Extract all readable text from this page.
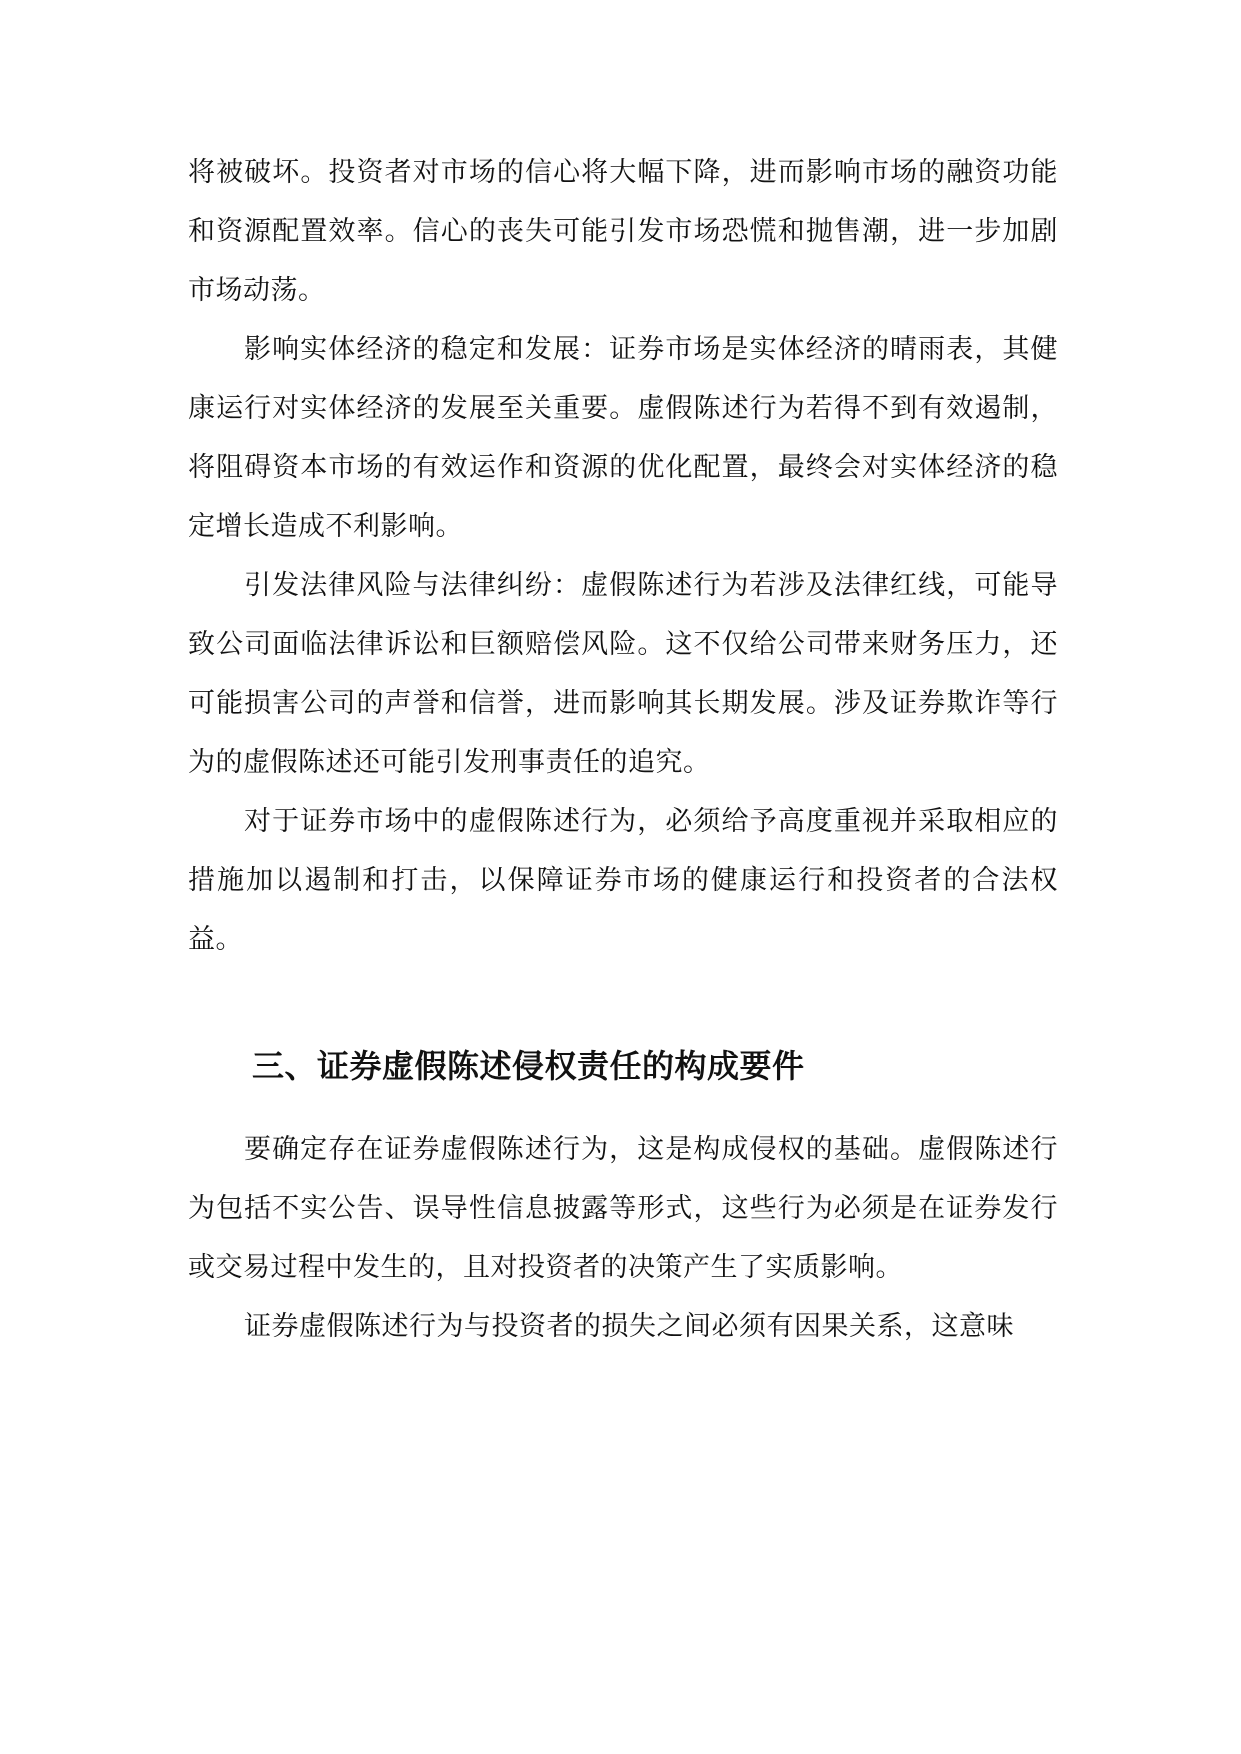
将被破坏。投资者对市场的信心将大幅下降，进而影响市场的融资功能和资源配置效率。信心的丧失可能引发市场恐慌和抛售潮，进一步加剧市场动荡。

影响实体经济的稳定和发展：证券市场是实体经济的晴雨表，其健康运行对实体经济的发展至关重要。虚假陈述行为若得不到有效遏制，将阻碍资本市场的有效运作和资源的优化配置，最终会对实体经济的稳定增长造成不利影响。

引发法律风险与法律纠纷：虚假陈述行为若涉及法律红线，可能导致公司面临法律诉讼和巨额赔偿风险。这不仅给公司带来财务压力，还可能损害公司的声誉和信誉，进而影响其长期发展。涉及证券欺诈等行为的虚假陈述还可能引发刑事责任的追究。

对于证券市场中的虚假陈述行为，必须给予高度重视并采取相应的措施加以遏制和打击，以保障证券市场的健康运行和投资者的合法权益。

三、证券虚假陈述侵权责任的构成要件

要确定存在证券虚假陈述行为，这是构成侵权的基础。虚假陈述行为包括不实公告、误导性信息披露等形式，这些行为必须是在证券发行或交易过程中发生的，且对投资者的决策产生了实质影响。

证券虚假陈述行为与投资者的损失之间必须有因果关系，这意味
